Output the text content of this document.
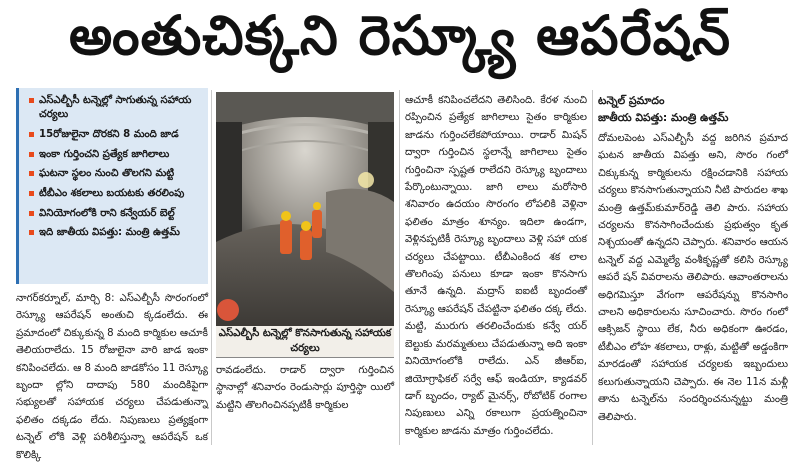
అంతుచిక్కని రెస్క్యూ ఆపరేషన్
ఎస్ఎల్బీసీ టన్నెల్లో సాగుతున్న సహాయ చర్యలు
15రోజులైనా దొరకని 8 మంది జాడ
ఇంకా గుర్తించని ప్రత్యేక జాగిలాలు
ఘటనా స్థలం నుంచి తొలగని మట్టి
టీబీఎం శకలాలు బయటకు తరలింపు
వినియోగంలోకి రాని కన్వేయర్ బెల్ట్
ఇది జాతీయ విపత్తు: మంత్రి ఉత్తమ్

నాగర్‌కర్నూల్, మార్చి 8: ఎస్ఎల్బీసీ సొరంగంలో రెస్క్యూ ఆపరేషన్ అంతుచి క్కడంలేదు. ఈ ప్రమాదంలో చిక్కుకున్న 8 మంది కార్మికుల ఆచూకీ తెలియరాలేదు. 15 రోజులైనా వారి జాడ ఇంకా కనిపించలేదు. ఆ 8 మంది జాడకోసం 11 రెస్క్యూ బృందా ల్లోని దాదాపు 580 మందికిపైగా సభ్యులతో సహాయక చర్యలు చేపడుతున్నా ఫలితం దక్కడం లేదు. నిపుణులు ప్రత్యక్షంగా టన్నెల్ లోకి వెళ్లి పరిశీలిస్తున్నా ఆపరేషన్ ఒక కొలిక్కి

ఎస్ఎల్బీసీ టన్నెల్లో కొనసాగుతున్న సహాయక చర్యలు

రావడంలేదు. రాడార్ ద్వారా గుర్తించిన స్థానాల్లో శనివారం రెండుసార్లు పూర్తిస్థా యిలో మట్టిని తొలగించినప్పటికీ కార్మికుల

ఆచూకీ కనిపించలేదని తెలిసింది. కేరళ నుంచి రప్పించిన ప్రత్యేక జాగిలాలు సైతం కార్మికుల జాడను గుర్తించలేకపోయాయి. రాడార్ మిషన్ ద్వారా గుర్తించిన స్థలాన్నే జాగిలాలు సైతం గుర్తించినా స్పష్టత రాలేదని రెస్క్యూ బృందాలు పేర్కొంటున్నాయి. జాగి లాలు మరోసారి శనివారం ఉదయం సొరంగం లోపలికి వెళ్లినా ఫలితం మాత్రం శూన్యం. ఇదిలా ఉండగా, వెళ్లినప్పటికీ రెస్క్యూ బృందాలు వెళ్లి సహా యక చర్యలు చేపట్టాయి. టీబీఎంకింద శక లాల తొలగింపు పనులు కూడా ఇంకా కొనసాగు తూనే ఉన్నది. మద్రాస్ ఐఐటీ బృందంతో రెస్క్యూ ఆపరేషన్ చేపట్టినా ఫలితం దక్క లేదు. మట్టి, మురుగు తరలించేందుకు కన్వే యర్ బెల్టుకు మరమ్మతులు చేపడుతున్నా అది ఇంకా వినియోగంలోకి రాలేదు. ఎన్ జీఆర్ఐ, జియోగ్రాఫికల్ సర్వే ఆఫ్ ఇండియా, క్యాడవర్ డాగ్ బృందం, ర్యాట్ మైనర్స్, రోబోటిక్ రంగాల నిపుణులు ఎన్ని రకాలుగా ప్రయత్నించినా కార్మికుల జాడను మాత్రం గుర్తించలేదు.

టన్నెల్ ప్రమాదం
జాతీయ విపత్తు: మంత్రి ఉత్తమ్

దోమలపెంట ఎస్ఎల్బీసీ వద్ద జరిగిన ప్రమాద ఘటన జాతీయ విపత్తు అని, సొరం గంలో చిక్కుకున్న కార్మికులను రక్షించడానికి సహాయ చర్యలు కొనసాగుతున్నాయని నీటి పారుదల శాఖ మంత్రి ఉత్తమ్‌కుమార్‌రెడ్డి తెలి పారు. సహాయ చర్యలను కొనసాగించేందుకు ప్రభుత్వం కృత నిశ్చయంతో ఉన్నదని చెప్పారు. శనివారం ఆయన టన్నెల్ వద్ద ఎమ్మెల్యే వంశీకృష్ణతో కలిసి రెస్క్యూ ఆపరే షన్ వివరాలను తెలిపారు. ఆవాంతరాలను అధిగమిస్తూ వేగంగా ఆపరేషన్ను కొనసాగిం చాలని అధికారులను సూచించారు. సొరం గంలో ఆక్సిజన్ స్థాయి లేక, నీరు అధికంగా ఊరడం, టీబీఎం లోహ శకలాలు, రాళ్లు, మట్టితో అడ్డంకిగా మారడంతో సహాయక చర్యలకు ఇబ్బందులు కలుగుతున్నాయని చెప్పారు. ఈ నెల 11న మళ్లీ తాను టన్నెల్‌ను సందర్శించనున్నట్టు మంత్రి తెలిపారు.
